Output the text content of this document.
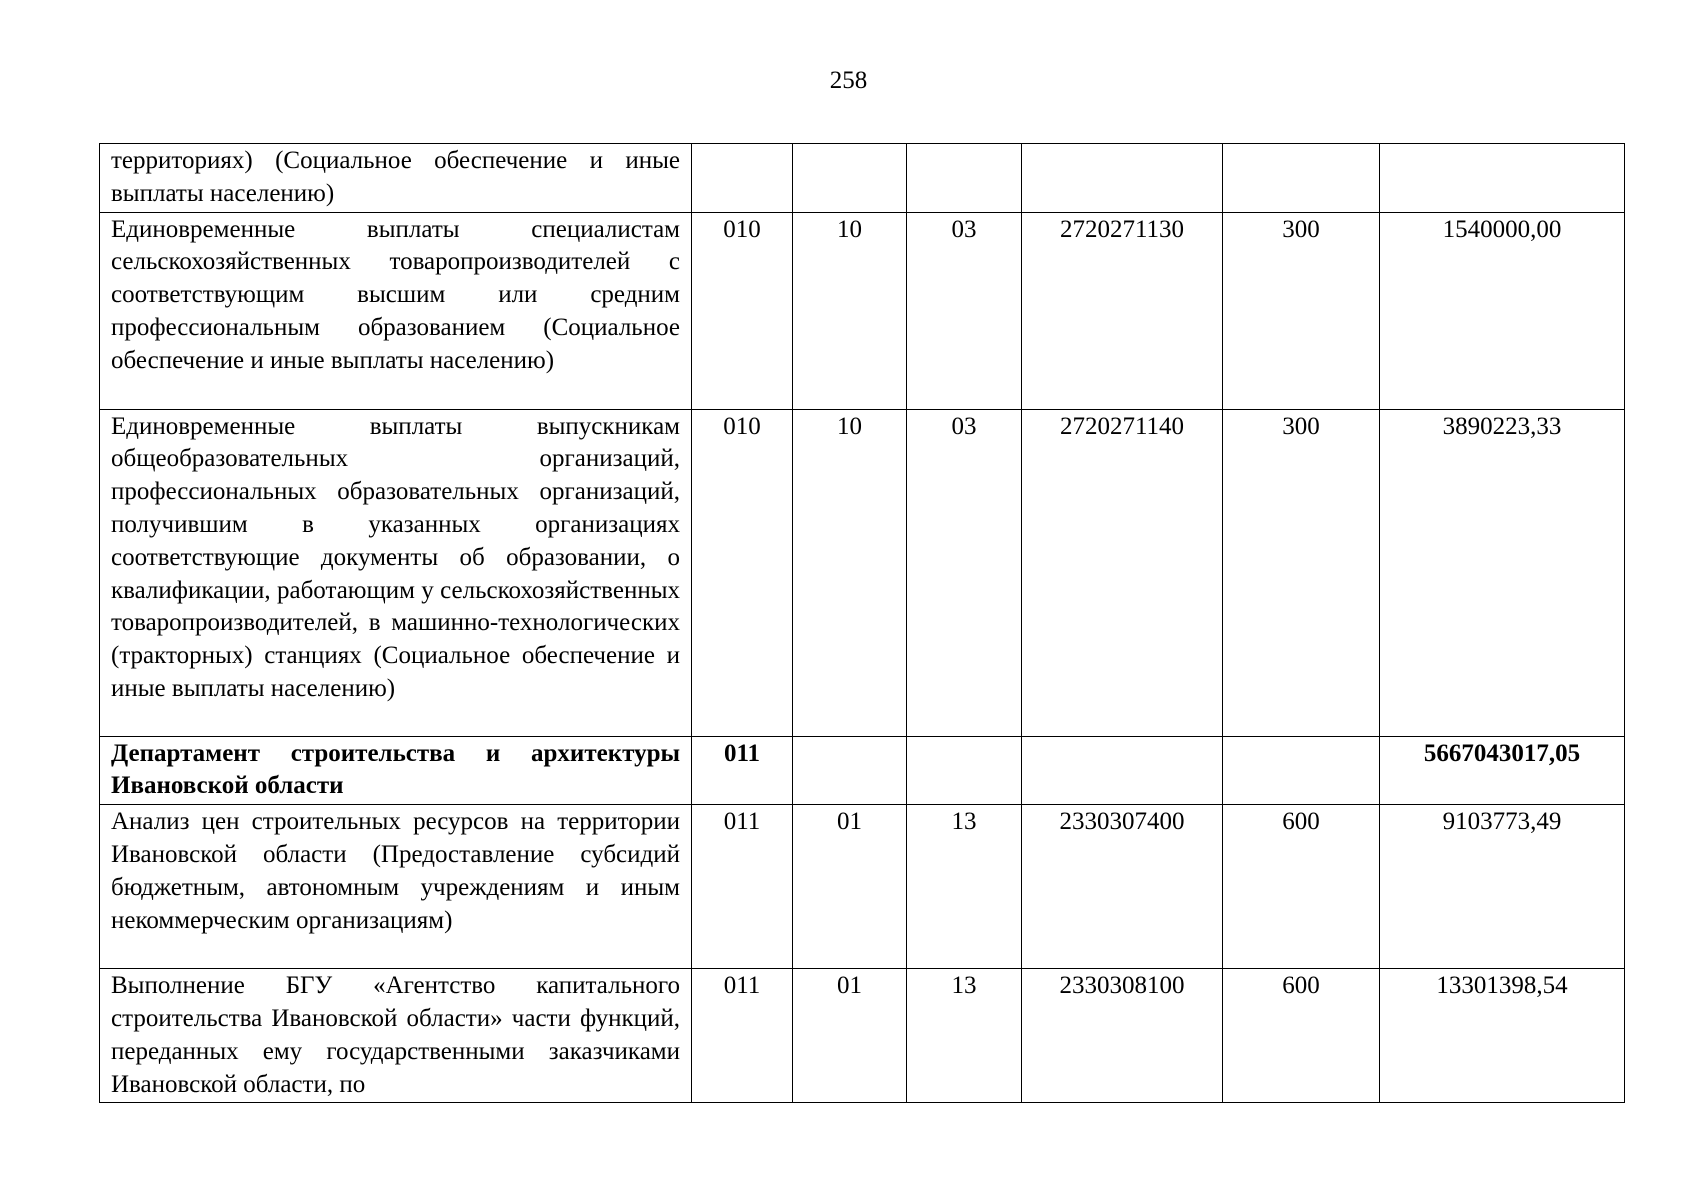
258
территориях) (Социальное обеспечение и иные выплаты населению)						
Единовременные выплаты специалистам сельскохозяйственных товаропроизводителей с соответствующим высшим или средним профессиональным образованием (Социальное обеспечение и иные выплаты населению)	010	10	03	2720271130	300	1540000,00
Единовременные выплаты выпускникам общеобразовательных организаций, профессиональных образовательных организаций, получившим в указанных организациях соответствующие документы об образовании, о квалификации, работающим у сельскохозяйственных товаропроизводителей, в машинно-технологических (тракторных) станциях (Социальное обеспечение и иные выплаты населению)	010	10	03	2720271140	300	3890223,33
Департамент строительства и архитектуры Ивановской области	011					5667043017,05
Анализ цен строительных ресурсов на территории Ивановской области (Предоставление субсидий бюджетным, автономным учреждениям и иным некоммерческим организациям)	011	01	13	2330307400	600	9103773,49
Выполнение БГУ «Агентство капитального строительства Ивановской области» части функций, переданных ему государственными заказчиками Ивановской области, по	011	01	13	2330308100	600	13301398,54
